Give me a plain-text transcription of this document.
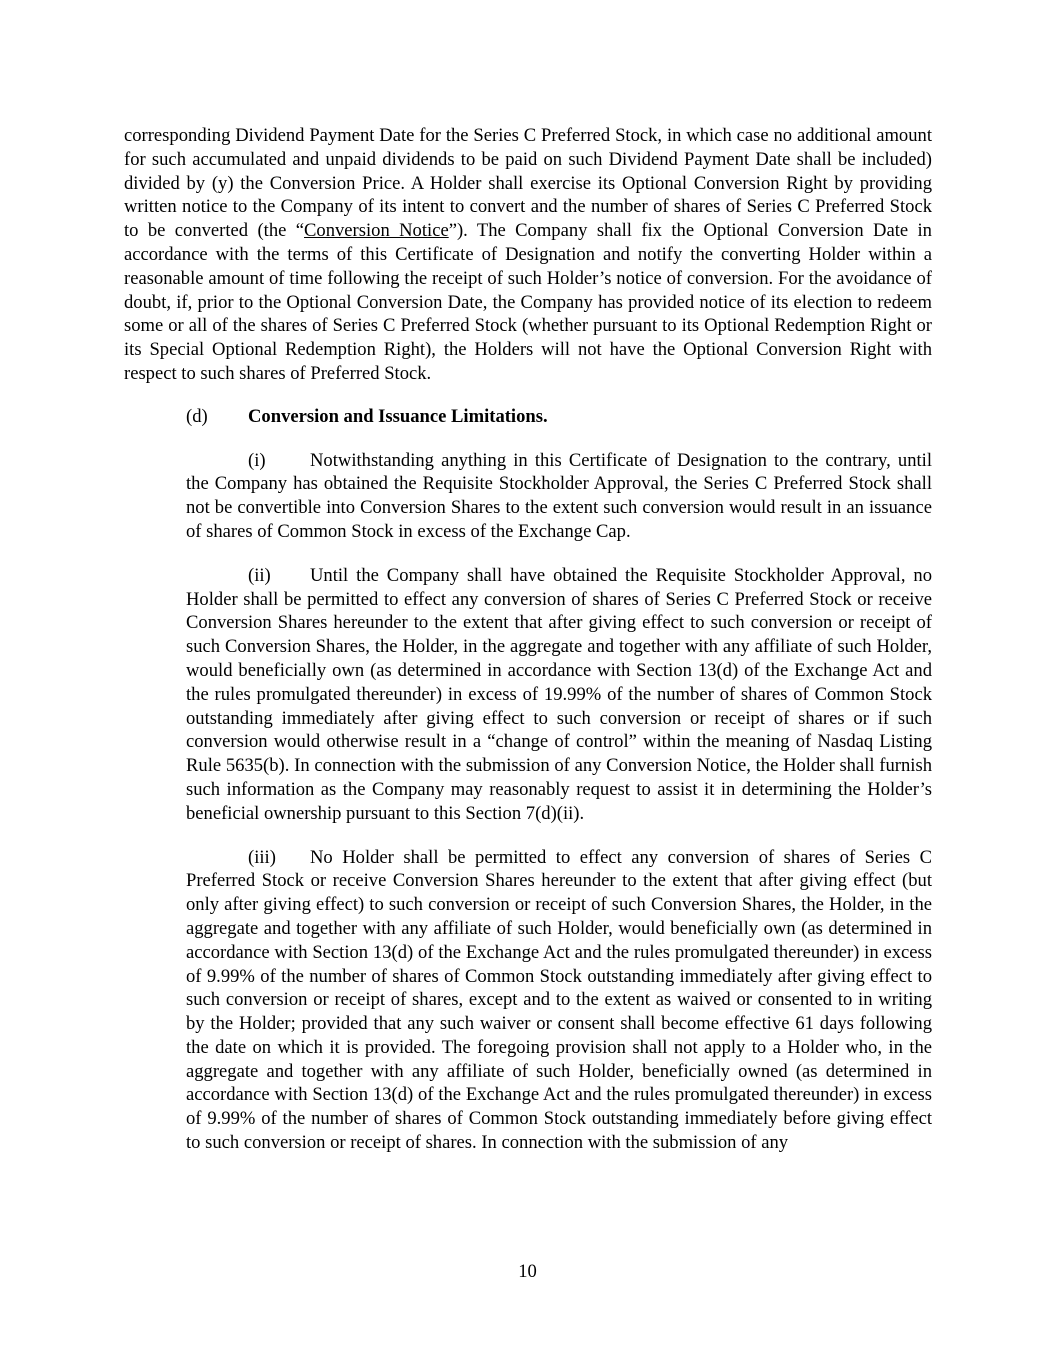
corresponding Dividend Payment Date for the Series C Preferred Stock, in which case no additional amount for such accumulated and unpaid dividends to be paid on such Dividend Payment Date shall be included) divided by (y) the Conversion Price. A Holder shall exercise its Optional Conversion Right by providing written notice to the Company of its intent to convert and the number of shares of Series C Preferred Stock to be converted (the “Conversion Notice”). The Company shall fix the Optional Conversion Date in accordance with the terms of this Certificate of Designation and notify the converting Holder within a reasonable amount of time following the receipt of such Holder’s notice of conversion. For the avoidance of doubt, if, prior to the Optional Conversion Date, the Company has provided notice of its election to redeem some or all of the shares of Series C Preferred Stock (whether pursuant to its Optional Redemption Right or its Special Optional Redemption Right), the Holders will not have the Optional Conversion Right with respect to such shares of Preferred Stock.

(d) Conversion and Issuance Limitations.

(i) Notwithstanding anything in this Certificate of Designation to the contrary, until the Company has obtained the Requisite Stockholder Approval, the Series C Preferred Stock shall not be convertible into Conversion Shares to the extent such conversion would result in an issuance of shares of Common Stock in excess of the Exchange Cap.

(ii) Until the Company shall have obtained the Requisite Stockholder Approval, no Holder shall be permitted to effect any conversion of shares of Series C Preferred Stock or receive Conversion Shares hereunder to the extent that after giving effect to such conversion or receipt of such Conversion Shares, the Holder, in the aggregate and together with any affiliate of such Holder, would beneficially own (as determined in accordance with Section 13(d) of the Exchange Act and the rules promulgated thereunder) in excess of 19.99% of the number of shares of Common Stock outstanding immediately after giving effect to such conversion or receipt of shares or if such conversion would otherwise result in a “change of control” within the meaning of Nasdaq Listing Rule 5635(b). In connection with the submission of any Conversion Notice, the Holder shall furnish such information as the Company may reasonably request to assist it in determining the Holder’s beneficial ownership pursuant to this Section 7(d)(ii).

(iii) No Holder shall be permitted to effect any conversion of shares of Series C Preferred Stock or receive Conversion Shares hereunder to the extent that after giving effect (but only after giving effect) to such conversion or receipt of such Conversion Shares, the Holder, in the aggregate and together with any affiliate of such Holder, would beneficially own (as determined in accordance with Section 13(d) of the Exchange Act and the rules promulgated thereunder) in excess of 9.99% of the number of shares of Common Stock outstanding immediately after giving effect to such conversion or receipt of shares, except and to the extent as waived or consented to in writing by the Holder; provided that any such waiver or consent shall become effective 61 days following the date on which it is provided. The foregoing provision shall not apply to a Holder who, in the aggregate and together with any affiliate of such Holder, beneficially owned (as determined in accordance with Section 13(d) of the Exchange Act and the rules promulgated thereunder) in excess of 9.99% of the number of shares of Common Stock outstanding immediately before giving effect to such conversion or receipt of shares. In connection with the submission of any

10
